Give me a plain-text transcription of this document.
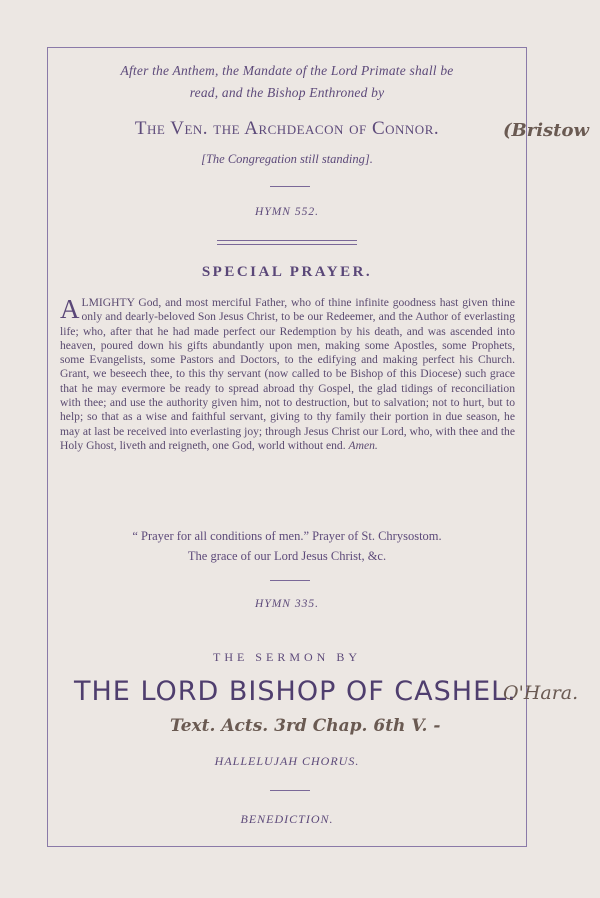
After the Anthem, the Mandate of the Lord Primate shall be
read, and the Bishop Enthroned by
The Ven. the Archdeacon of Connor.
[The Congregation still standing].
HYMN 552.
SPECIAL PRAYER.
ALMIGHTY God, and most merciful Father, who of thine infinite goodness hast given thine only and dearly-beloved Son Jesus Christ, to be our Redeemer, and the Author of everlasting life; who, after that he had made perfect our Redemption by his death, and was ascended into heaven, poured down his gifts abundantly upon men, making some Apostles, some Prophets, some Evangelists, some Pastors and Doctors, to the edifying and making perfect his Church. Grant, we beseech thee, to this thy servant (now called to be Bishop of this Diocese) such grace that he may evermore be ready to spread abroad thy Gospel, the glad tidings of reconciliation with thee; and use the authority given him, not to destruction, but to salvation; not to hurt, but to help; so that as a wise and faithful servant, giving to thy family their portion in due season, he may at last be received into everlasting joy; through Jesus Christ our Lord, who, with thee and the Holy Ghost, liveth and reigneth, one God, world without end. Amen.
“ Prayer for all conditions of men.” Prayer of St. Chrysostom.
The grace of our Lord Jesus Christ, &c.
HYMN 335.
THE SERMON BY
THE LORD BISHOP OF CASHEL.
HALLELUJAH CHORUS.
BENEDICTION.
(Bristow
O'Hara.
Text. Acts. 3rd Chap. 6th V. -
